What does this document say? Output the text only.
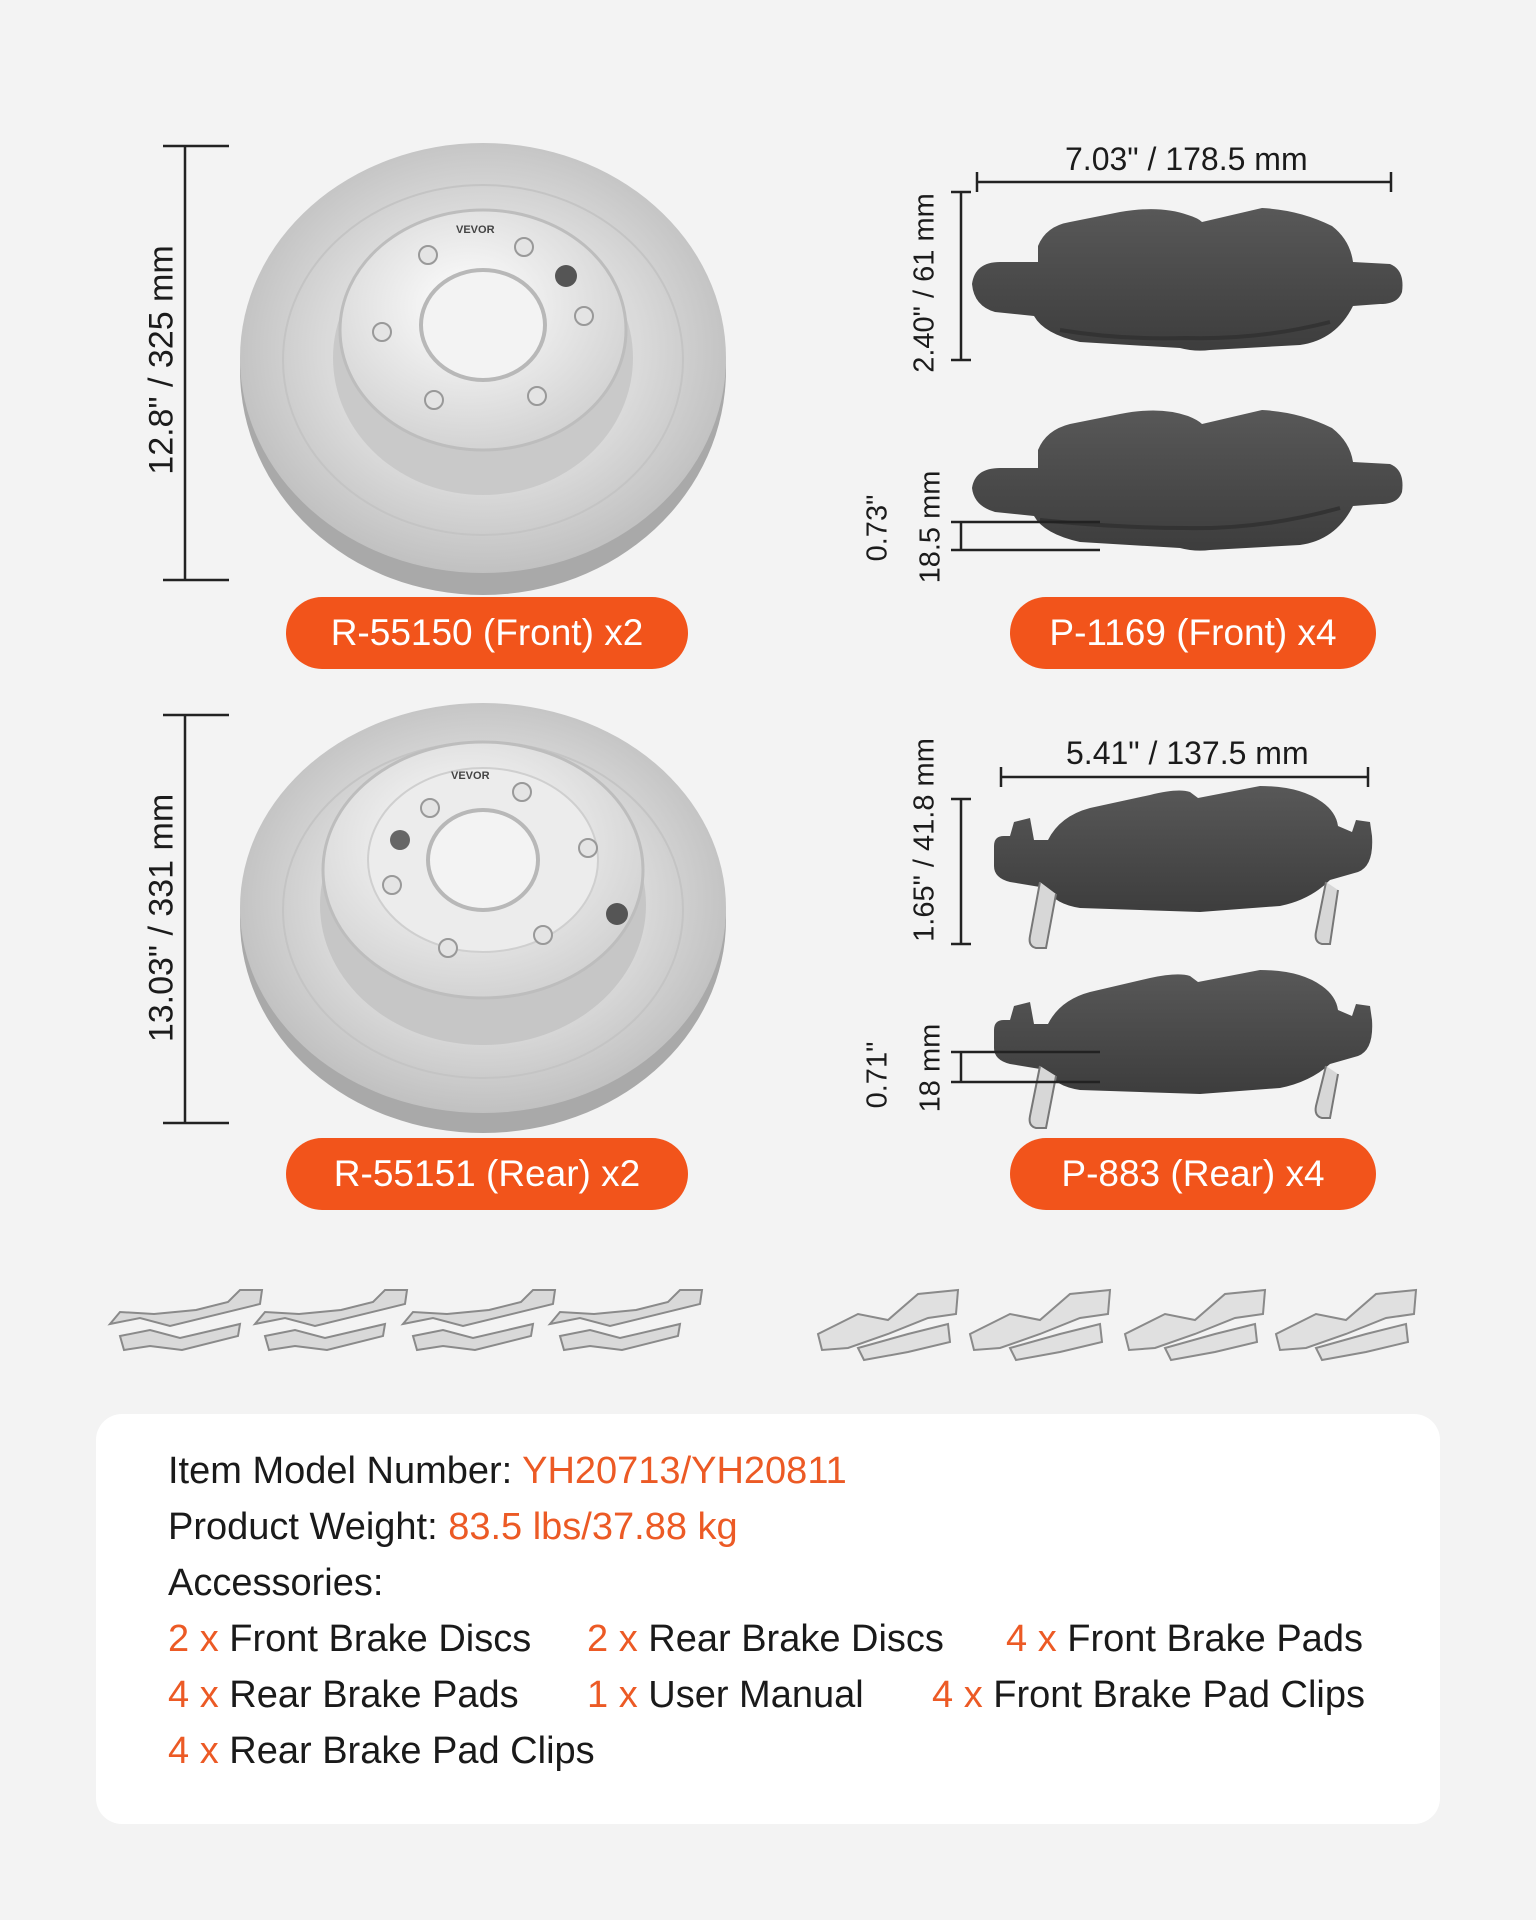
VEVOR
VEVOR
12.8" / 325 mm
13.03" / 331 mm
7.03" / 178.5 mm
2.40" / 61 mm
0.73" 18.5 mm
5.41" / 137.5 mm
1.65" / 41.8 mm
0.71" 18 mm
R-55150 (Front) x2	P-1169 (Front) x4
R-55151 (Rear) x2	P-883 (Rear) x4
Item Model Number: YH20713/YH20811
Product Weight: 83.5 lbs/37.88 kg
Accessories:
2 x Front Brake Discs 2 x Rear Brake Discs 4 x Front Brake Pads
4 x Rear Brake Pads 1 x User Manual 4 x Front Brake Pad Clips
4 x Rear Brake Pad Clips
